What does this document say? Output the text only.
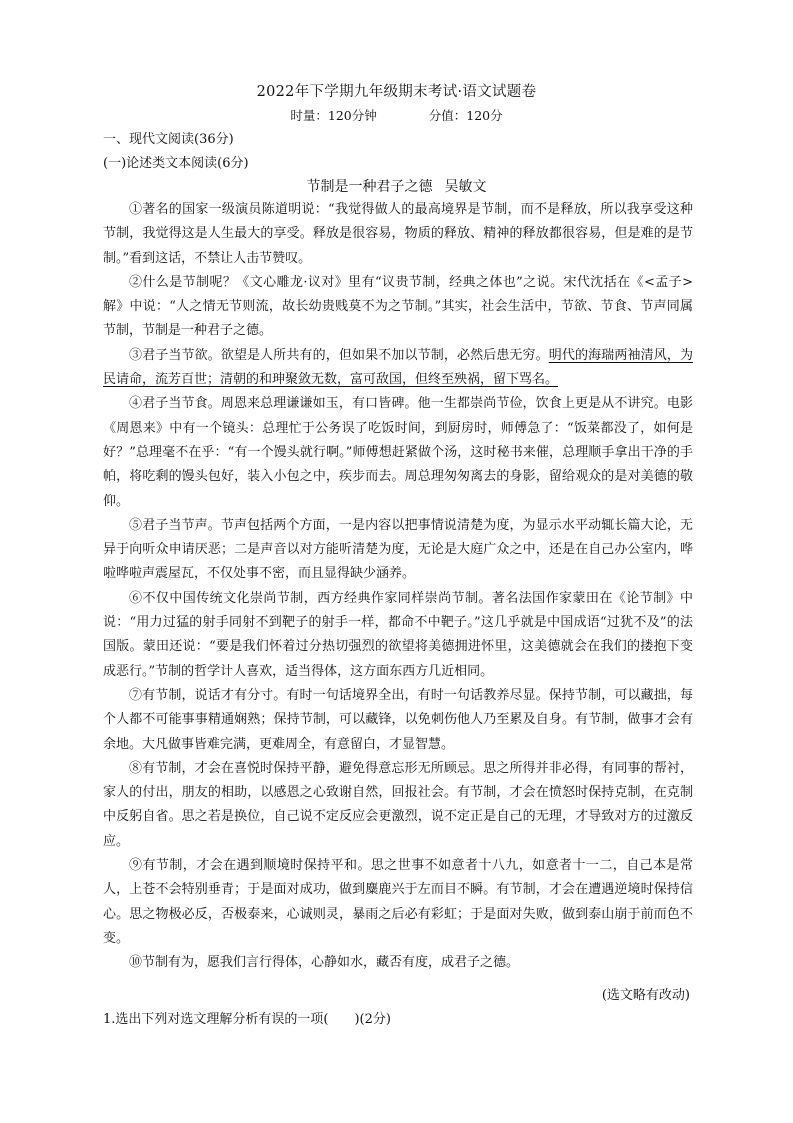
2022年下学期九年级期末考试·语文试题卷
时量：120分钟	分值：120分
一、现代文阅读(36分)
(一)论述类文本阅读(6分)
节制是一种君子之德 吴敏文

①著名的国家一级演员陈道明说：“我觉得做人的最高境界是节制，而不是释放，所以我享受这种节制，我觉得这是人生最大的享受。释放是很容易，物质的释放、精神的释放都很容易，但是难的是节制。”看到这话，不禁让人击节赞叹。

②什么是节制呢？《文心雕龙·议对》里有“议贵节制，经典之体也”之说。宋代沈括在《<孟子>解》中说：“人之情无节则流，故长幼贵贱莫不为之节制。”其实，社会生活中，节欲、节食、节声同属节制，节制是一种君子之德。

③君子当节欲。欲望是人所共有的，但如果不加以节制，必然后患无穷。明代的海瑞两袖清风，为民请命，流芳百世；清朝的和珅聚敛无数，富可敌国，但终至殃祸，留下骂名。

④君子当节食。周恩来总理谦谦如玉，有口皆碑。他一生都崇尚节俭，饮食上更是从不讲究。电影《周恩来》中有一个镜头：总理忙于公务误了吃饭时间，到厨房时，师傅急了：“饭菜都没了，如何是好？”总理毫不在乎：“有一个馒头就行啊。”师傅想赶紧做个汤，这时秘书来催，总理顺手拿出干净的手帕，将吃剩的馒头包好，装入小包之中，疾步而去。周总理匆匆离去的身影，留给观众的是对美德的敬仰。

⑤君子当节声。节声包括两个方面，一是内容以把事情说清楚为度，为显示水平动辄长篇大论，无异于向听众申请厌恶；二是声音以对方能听清楚为度，无论是大庭广众之中，还是在自己办公室内，哗啦哗啦声震屋瓦，不仅处事不密，而且显得缺少涵养。

⑥不仅中国传统文化崇尚节制，西方经典作家同样崇尚节制。著名法国作家蒙田在《论节制》中说：“用力过猛的射手同射不到靶子的射手一样，都命不中靶子。”这几乎就是中国成语“过犹不及”的法国版。蒙田还说：“要是我们怀着过分热切强烈的欲望将美德拥进怀里，这美德就会在我们的搂抱下变成恶行。”节制的哲学计人喜欢，适当得体，这方面东西方几近相同。

⑦有节制，说话才有分寸。有时一句话境界全出，有时一句话教养尽显。保持节制，可以藏拙，每个人都不可能事事精通娴熟；保持节制，可以藏锋，以免刺伤他人乃至累及自身。有节制，做事才会有余地。大凡做事皆难完满，更难周全，有意留白，才显智慧。

⑧有节制，才会在喜悦时保持平静，避免得意忘形无所顾忌。思之所得并非必得，有同事的帮衬，家人的付出，朋友的相助，以感恩之心致谢自然，回报社会。有节制，才会在愤怒时保持克制，在克制中反躬自省。思之若是换位，自己说不定反应会更激烈，说不定正是自己的无理，才导致对方的过激反应。

⑨有节制，才会在遇到顺境时保持平和。思之世事不如意者十八九，如意者十一二，自己本是常人，上苍不会特别垂青；于是面对成功，做到麋鹿兴于左而目不瞬。有节制，才会在遭遇逆境时保持信心。思之物极必反，否极泰来，心诚则灵，暴雨之后必有彩虹；于是面对失败，做到泰山崩于前而色不变。

⑩节制有为，愿我们言行得体，心静如水，藏否有度，成君子之德。

(选文略有改动)
1.选出下列对选文理解分析有误的一项(　　)(2分)
